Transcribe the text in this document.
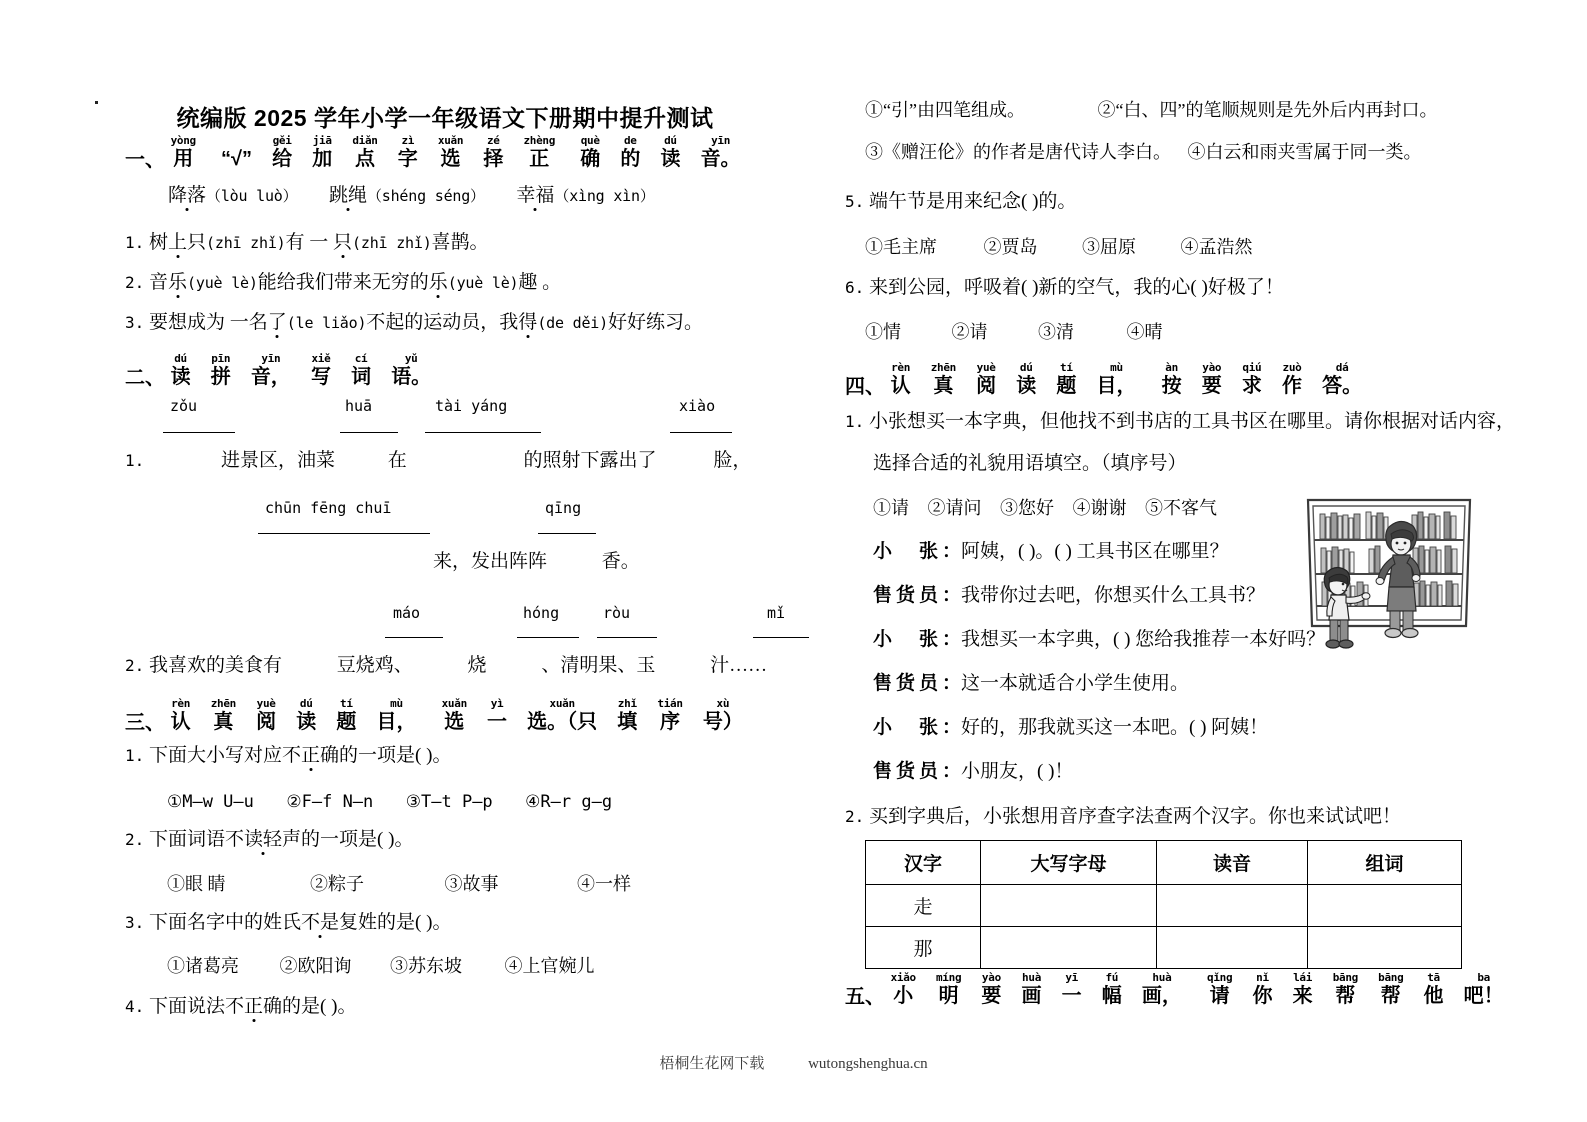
统编版 2025 学年小学一年级语文下册期中提升测试
一、
yòng
用

“√”

gěi
给

jiā
加

diǎn
点

zì
字

xuǎn
选

zé
择

zhèng
正

què
确

de
的

dú
读

yīn
音。
降落（lòu luò） 跳绳（shéng séng） 幸福（xìng xìn）
1. 树上只(zhī zhǐ)有 一 只(zhī zhǐ)喜鹊。
2. 音乐(yuè lè)能给我们带来无穷的乐(yuè lè)趣 。
3. 要想成为 一名了(le liǎo)不起的运动员，我得(de děi)好好练习。
二、
dú
读

pīn
拼

yīn
音，

xiě
写

cí
词

yǔ
语。
zǒu	huā	tài yáng	xiào
1.	进景区，油菜	在	的照射下露出了	脸，
chūn fēng chuī	qīng
来，发出阵阵	香。
máo	hóng	ròu	mǐ
2. 我喜欢的美食有	豆烧鸡、	烧	、清明果、玉	汁……
三、
rèn
认

zhēn
真

yuè
阅

dú
读

tí
题

mù
目，

xuǎn
选

yì
一

xuǎn
选。（只

zhǐ
填

tián
序

xù
号）
1. 下面大小写对应不正确的一项是( )。
①M—w U—u ②F—f N—n ③T—t P—p ④R—r g—g
2. 下面词语不读轻声的一项是( )。
①眼 睛	②粽子	③故事	④一样
3. 下面名字中的姓氏不是复姓的是( )。
①诸葛亮 ②欧阳询 ③苏东坡 ④上官婉儿
4. 下面说法不正确的是( )。
①“引”由四笔组成。	②“白、四”的笔顺规则是先外后内再封口。
③《赠汪伦》的作者是唐代诗人李白。 ④白云和雨夹雪属于同一类。
5. 端午节是用来纪念( )的。
①毛主席	②贾岛 ③屈原 ④孟浩然
6. 来到公园，呼吸着( )新的空气，我的心( )好极了！
①情	②请	③清	④晴
四、
rèn
认

zhēn
真

yuè
阅

dú
读

tí
题

mù
目，

àn
按

yào
要

qiú
求

zuò
作

dá
答。
1. 小张想买一本字典，但他找不到书店的工具书区在哪里。请你根据对话内容，
选择合适的礼貌用语填空。（填序号）
①请 ②请问 ③您好 ④谢谢 ⑤不客气
小　张：阿姨，( )。( ) 工具书区在哪里？
售货员：我带你过去吧，你想买什么工具书？
小　张：我想买一本字典，( ) 您给我推荐一本好吗？
售货员：这一本就适合小学生使用。
小　张：好的，那我就买这一本吧。( ) 阿姨！
售货员：小朋友，( )！
2. 买到字典后，小张想用音序查字法查两个汉字。你也来试试吧！
五、
xiǎo
小

míng
明

yào
要

huà
画

yī
一

fú
幅

huà
画，

qǐng
请

nǐ
你

lái
来

bāng
帮

bāng
帮

tā
他

ba
吧！
汉字	大写字母	读音	组词
走			
那			
梧桐生花网下载	wutongshenghua.cn
